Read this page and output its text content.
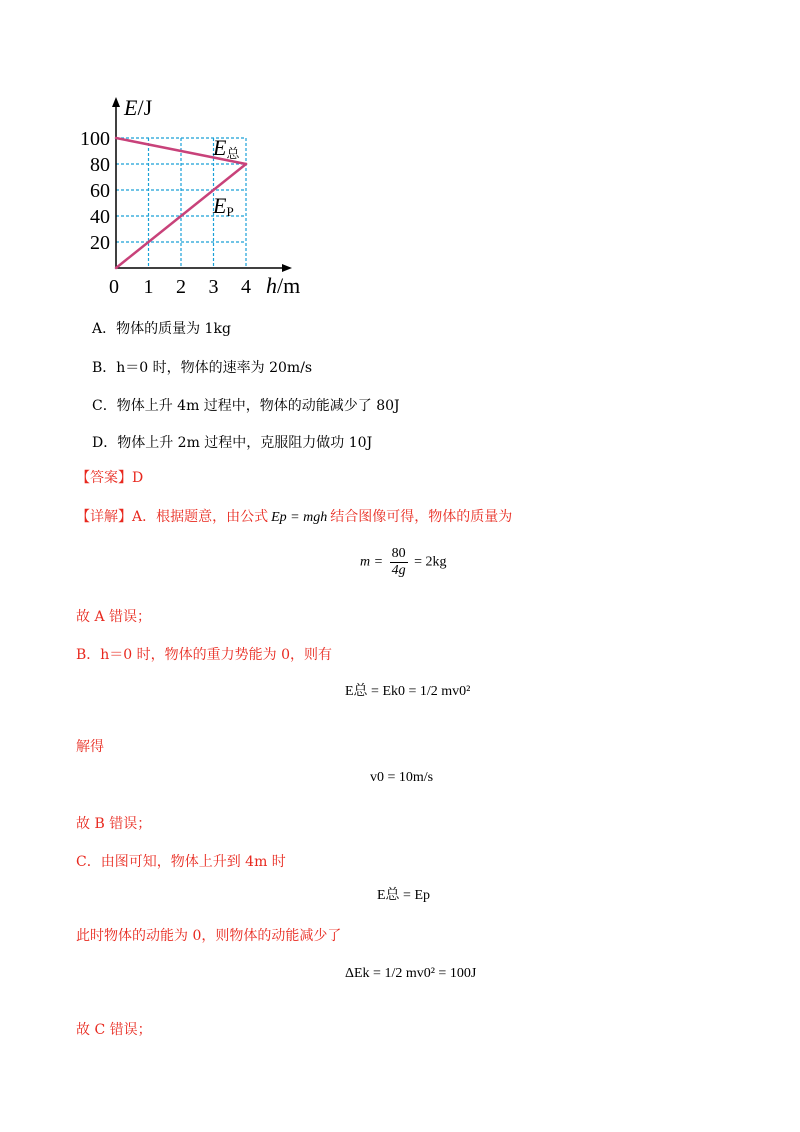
20
40
60
80
100
0 1 2 3 4
E/J
h/m
E总
EP
A．物体的质量为 1kg
B．h＝0 时，物体的速率为 20m/s
C．物体上升 4m 过程中，物体的动能减少了 80J
D．物体上升 2m 过程中，克服阻力做功 10J
【答案】D
【详解】A．根据题意，由公式 Ep = mgh 结合图像可得，物体的质量为
$m = \frac{80}{4g} = 2kg$
故 A 错误；
B．h＝0 时，物体的重力势能为 0，则有
E总 = Ek0 = 1/2 mv0²
解得
v0 = 10m/s
故 B 错误；
C．由图可知，物体上升到 4m 时
E总 = Ep
此时物体的动能为 0，则物体的动能减少了
ΔEk = 1/2 mv0² = 100J
故 C 错误；
